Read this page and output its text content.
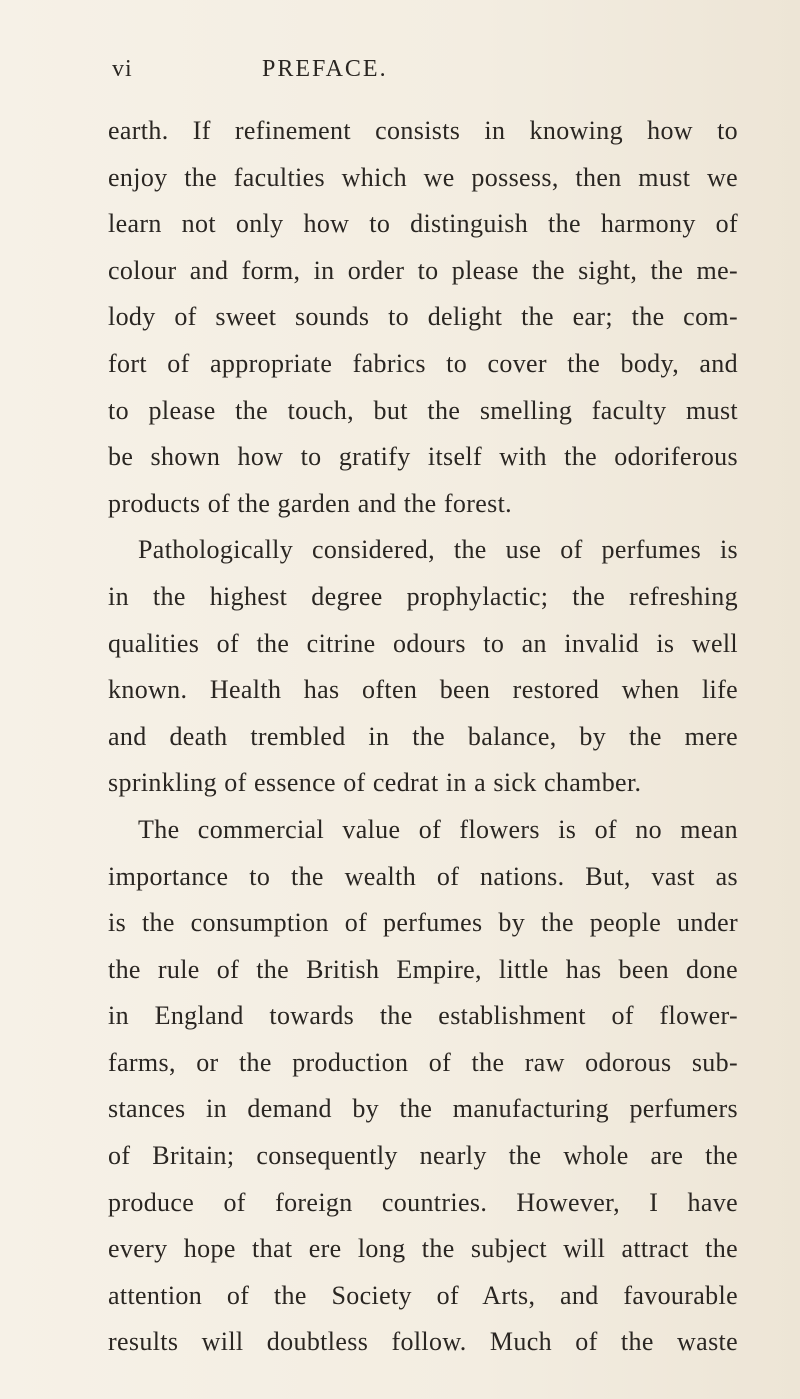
vi	PREFACE.
earth. If refinement consists in knowing how to
enjoy the faculties which we possess, then must we
learn not only how to distinguish the harmony of
colour and form, in order to please the sight, the me-
lody of sweet sounds to delight the ear; the com-
fort of appropriate fabrics to cover the body, and
to please the touch, but the smelling faculty must
be shown how to gratify itself with the odoriferous
products of the garden and the forest.
Pathologically considered, the use of perfumes is
in the highest degree prophylactic; the refreshing
qualities of the citrine odours to an invalid is well
known. Health has often been restored when life
and death trembled in the balance, by the mere
sprinkling of essence of cedrat in a sick chamber.
The commercial value of flowers is of no mean
importance to the wealth of nations. But, vast as
is the consumption of perfumes by the people under
the rule of the British Empire, little has been done
in England towards the establishment of flower-
farms, or the production of the raw odorous sub-
stances in demand by the manufacturing perfumers
of Britain; consequently nearly the whole are the
produce of foreign countries. However, I have
every hope that ere long the subject will attract the
attention of the Society of Arts, and favourable
results will doubtless follow. Much of the waste
